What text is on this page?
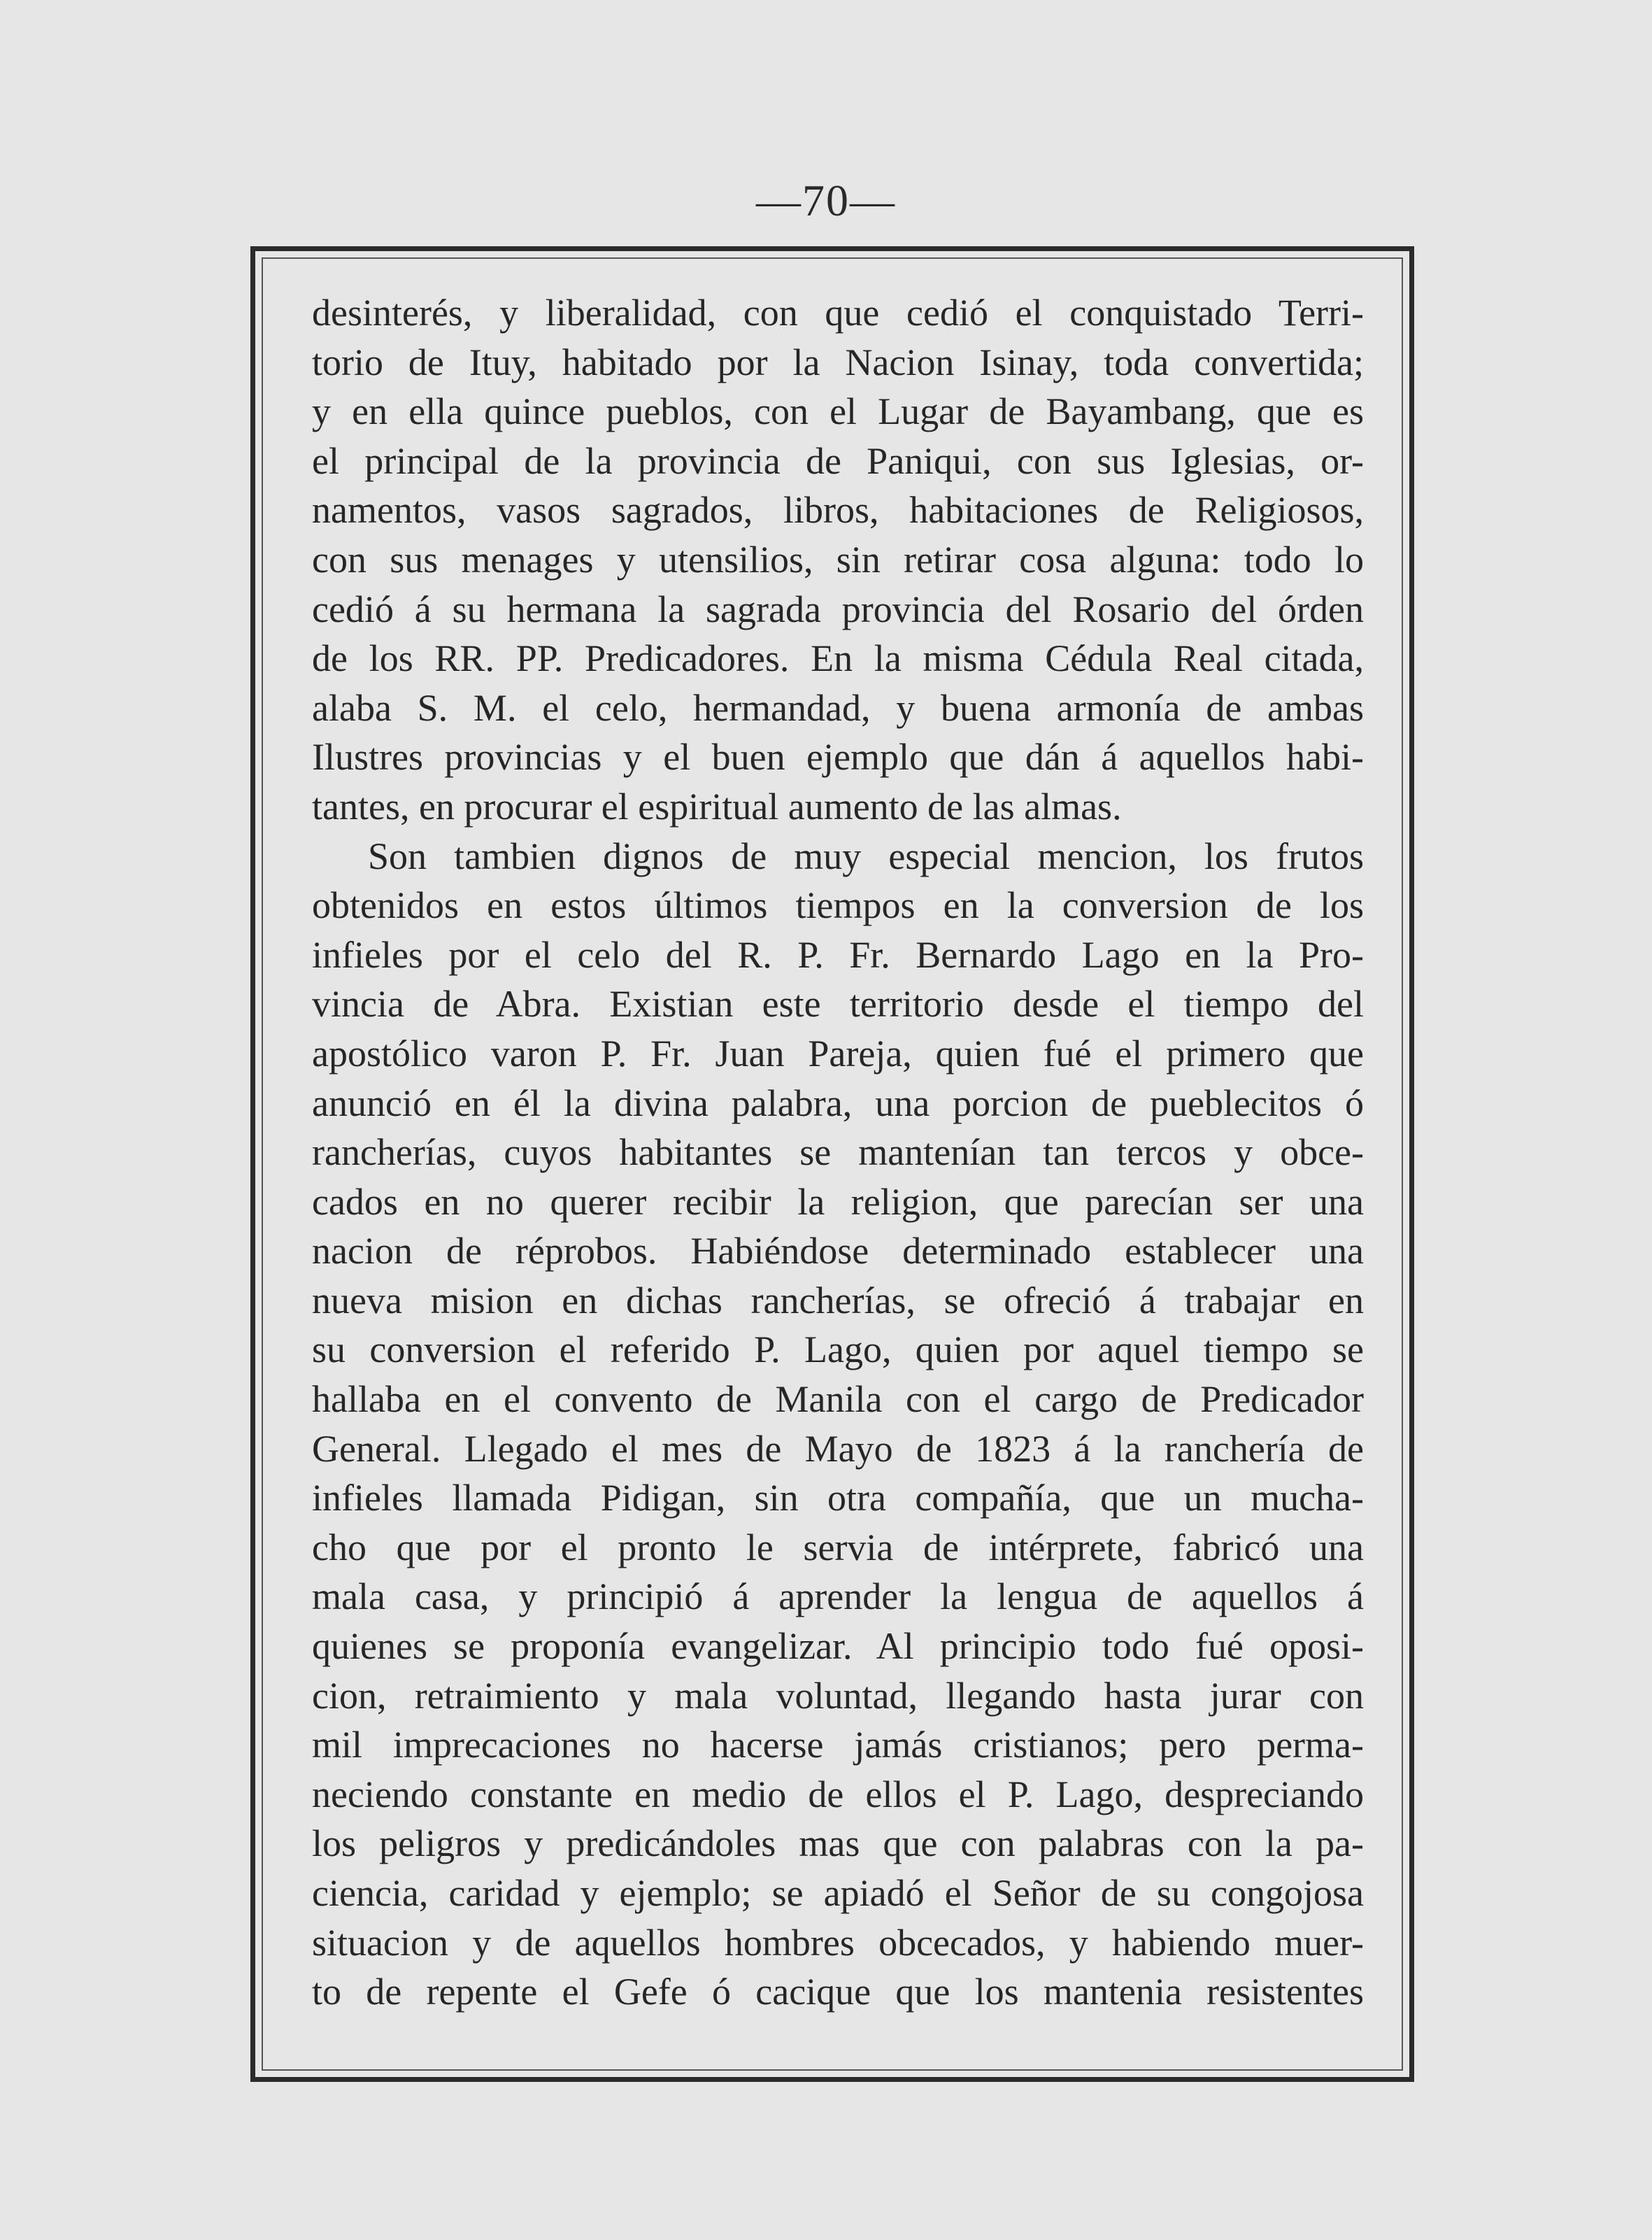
—70—
desinterés, y liberalidad, con que cedió el conquistado Terri-
torio de Ituy, habitado por la Nacion Isinay, toda convertida;
y en ella quince pueblos, con el Lugar de Bayambang, que es
el principal de la provincia de Paniqui, con sus Iglesias, or-
namentos, vasos sagrados, libros, habitaciones de Religiosos,
con sus menages y utensilios, sin retirar cosa alguna: todo lo
cedió á su hermana la sagrada provincia del Rosario del órden
de los RR. PP. Predicadores. En la misma Cédula Real citada,
alaba S. M. el celo, hermandad, y buena armonía de ambas
Ilustres provincias y el buen ejemplo que dán á aquellos habi-
tantes, en procurar el espiritual aumento de las almas.
Son tambien dignos de muy especial mencion, los frutos
obtenidos en estos últimos tiempos en la conversion de los
infieles por el celo del R. P. Fr. Bernardo Lago en la Pro-
vincia de Abra. Existian este territorio desde el tiempo del
apostólico varon P. Fr. Juan Pareja, quien fué el primero que
anunció en él la divina palabra, una porcion de pueblecitos ó
rancherías, cuyos habitantes se mantenían tan tercos y obce-
cados en no querer recibir la religion, que parecían ser una
nacion de réprobos. Habiéndose determinado establecer una
nueva mision en dichas rancherías, se ofreció á trabajar en
su conversion el referido P. Lago, quien por aquel tiempo se
hallaba en el convento de Manila con el cargo de Predicador
General. Llegado el mes de Mayo de 1823 á la ranchería de
infieles llamada Pidigan, sin otra compañía, que un mucha-
cho que por el pronto le servia de intérprete, fabricó una
mala casa, y principió á aprender la lengua de aquellos á
quienes se proponía evangelizar. Al principio todo fué oposi-
cion, retraimiento y mala voluntad, llegando hasta jurar con
mil imprecaciones no hacerse jamás cristianos; pero perma-
neciendo constante en medio de ellos el P. Lago, despreciando
los peligros y predicándoles mas que con palabras con la pa-
ciencia, caridad y ejemplo; se apiadó el Señor de su congojosa
situacion y de aquellos hombres obcecados, y habiendo muer-
to de repente el Gefe ó cacique que los mantenia resistentes
